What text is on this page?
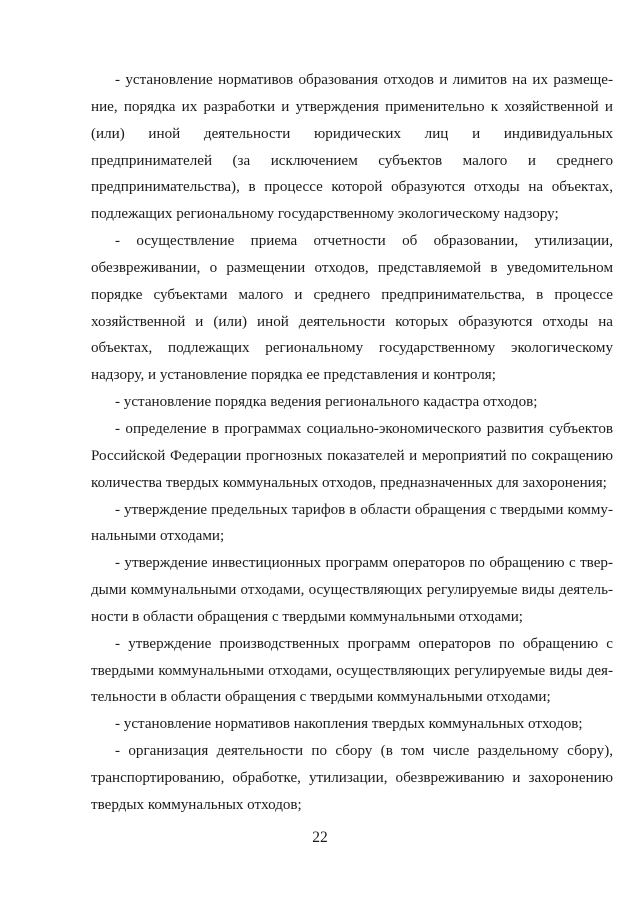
- установление нормативов образования отходов и лимитов на их размещение, порядка их разработки и утверждения применительно к хозяйственной и (или) иной деятельности юридических лиц и индивидуальных предпринимателей (за исключением субъектов малого и среднего предпринимательства), в процессе которой образуются отходы на объектах, подлежащих региональному государственному экологическому надзору;

- осуществление приема отчетности об образовании, утилизации, обезвреживании, о размещении отходов, представляемой в уведомительном порядке субъектами малого и среднего предпринимательства, в процессе хозяйственной и (или) иной деятельности которых образуются отходы на объектах, подлежащих региональному государственному экологическому надзору, и установление порядка ее представления и контроля;

- установление порядка ведения регионального кадастра отходов;

- определение в программах социально-экономического развития субъектов Российской Федерации прогнозных показателей и мероприятий по сокращению количества твердых коммунальных отходов, предназначенных для захоронения;

- утверждение предельных тарифов в области обращения с твердыми коммунальными отходами;

- утверждение инвестиционных программ операторов по обращению с твердыми коммунальными отходами, осуществляющих регулируемые виды деятельности в области обращения с твердыми коммунальными отходами;

- утверждение производственных программ операторов по обращению с твердыми коммунальными отходами, осуществляющих регулируемые виды деятельности в области обращения с твердыми коммунальными отходами;

- установление нормативов накопления твердых коммунальных отходов;

- организация деятельности по сбору (в том числе раздельному сбору), транспортированию, обработке, утилизации, обезвреживанию и захоронению твердых коммунальных отходов;

22
